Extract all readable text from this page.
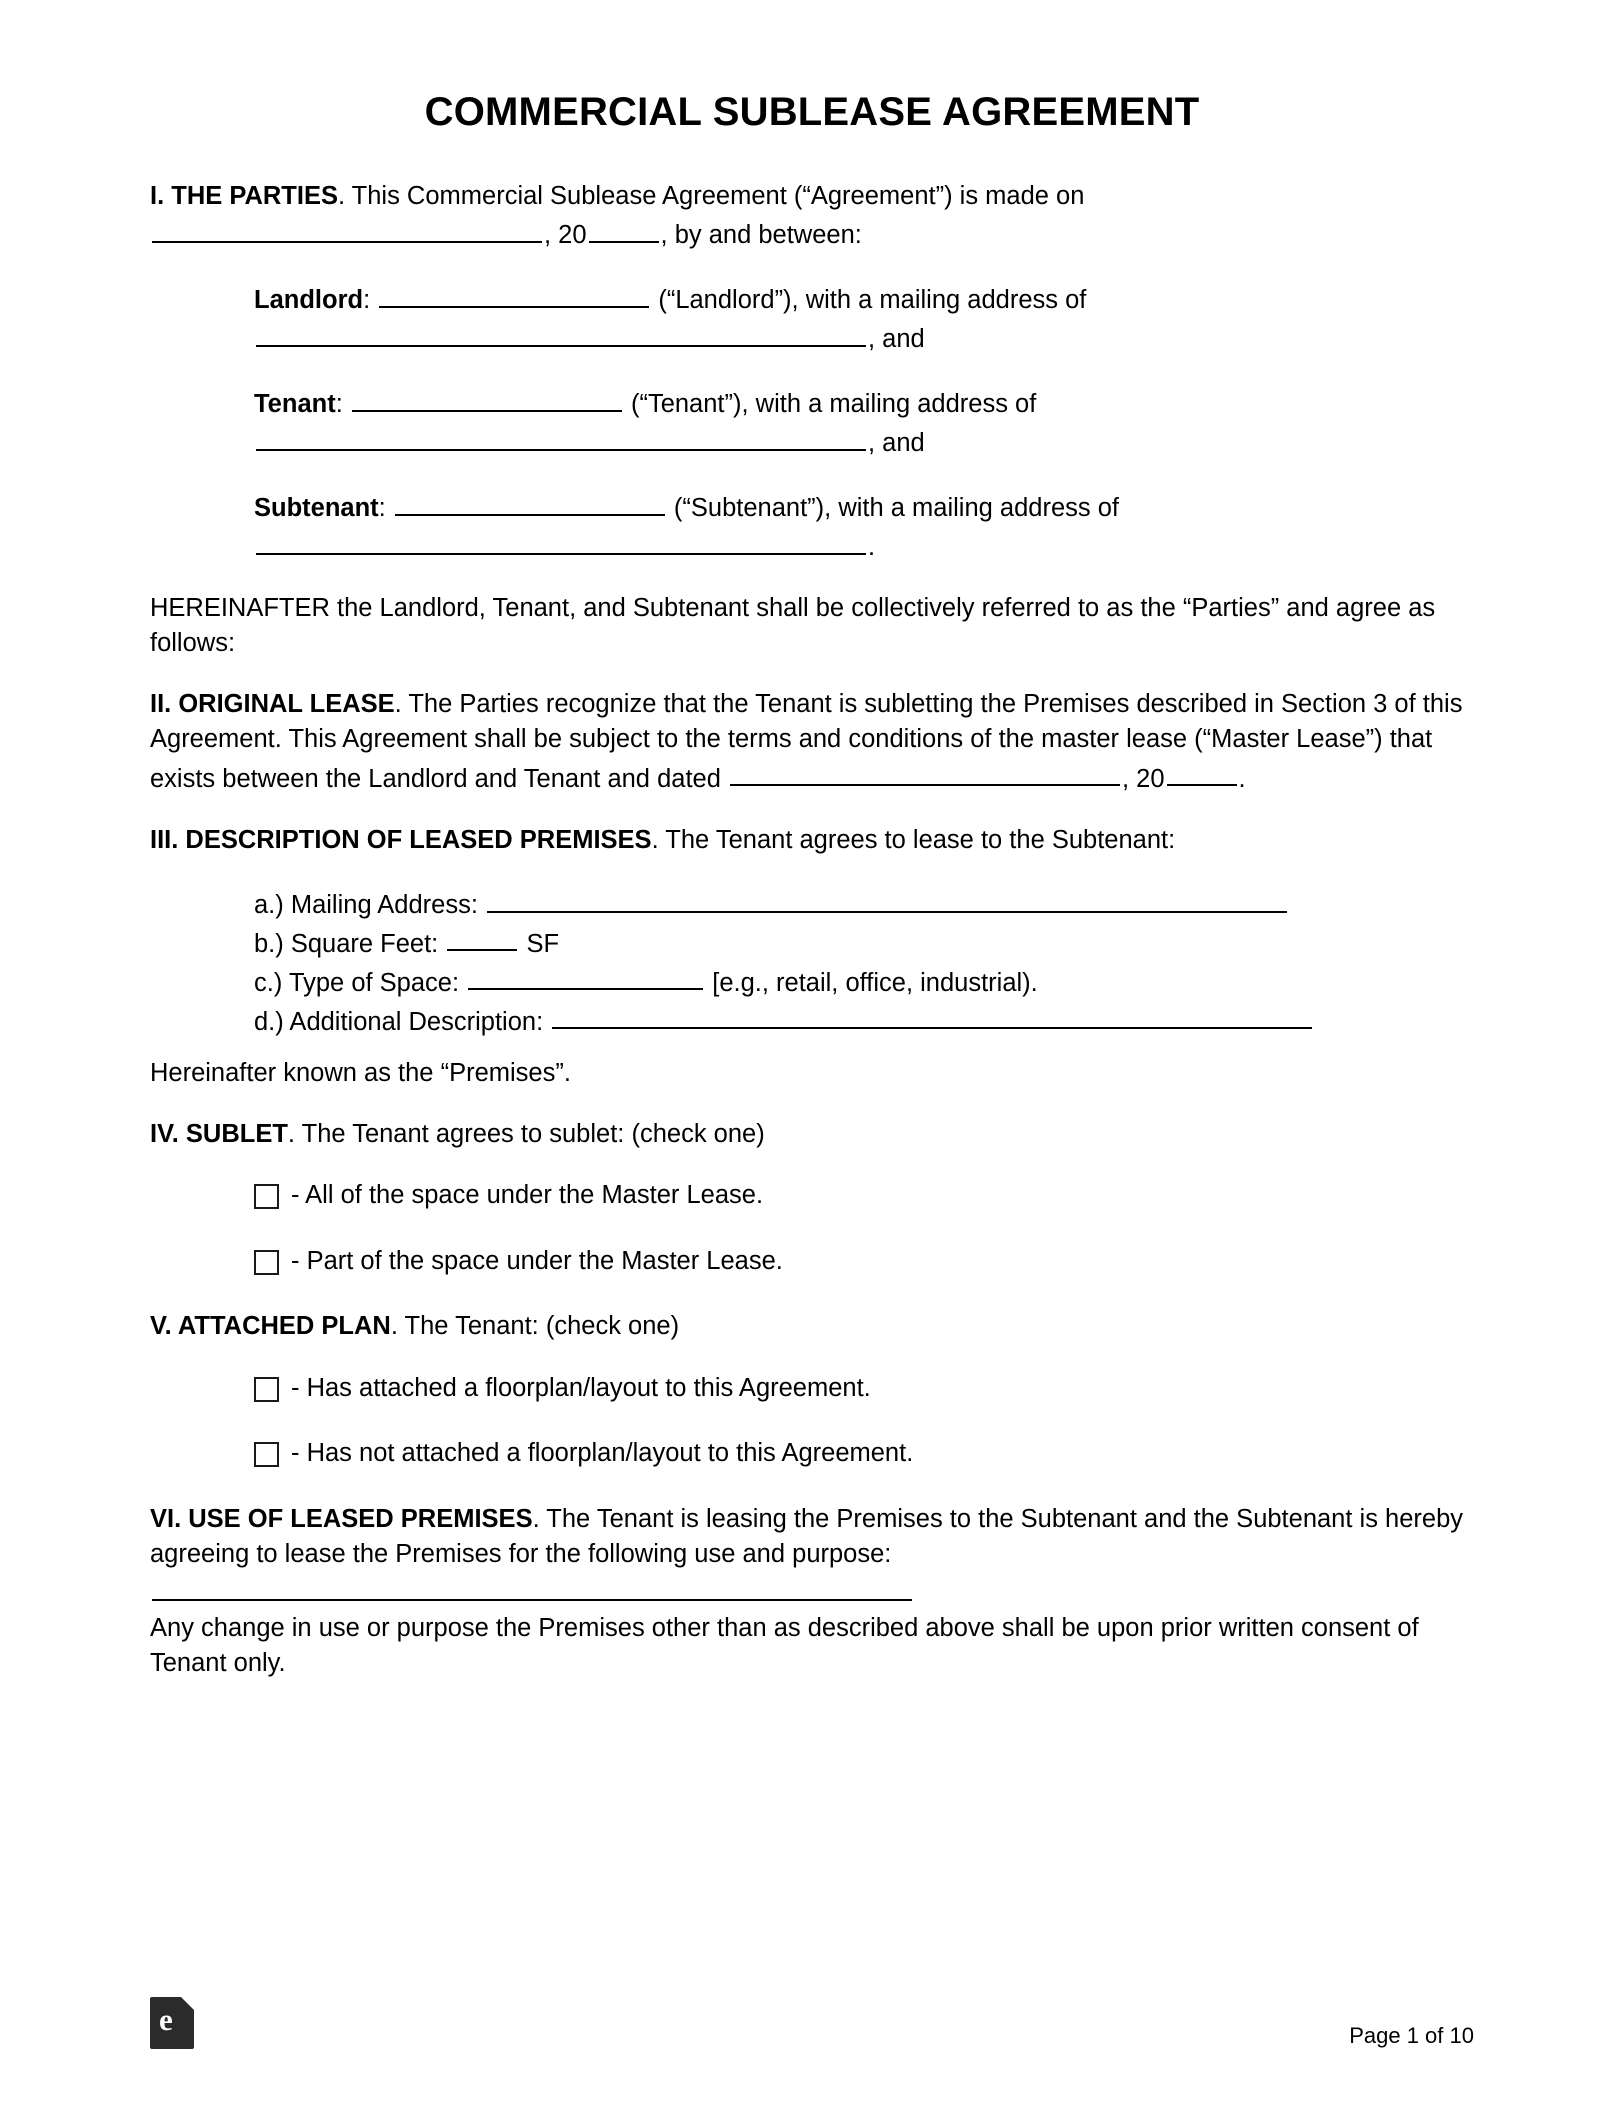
COMMERCIAL SUBLEASE AGREEMENT

I. THE PARTIES. This Commercial Sublease Agreement (“Agreement”) is made on
, 20	, by and between:

Landlord:	(“Landlord”), with a mailing address of
, and

Tenant:	(“Tenant”), with a mailing address of
, and

Subtenant:	(“Subtenant”), with a mailing address of
.

HEREINAFTER the Landlord, Tenant, and Subtenant shall be collectively referred to as the “Parties” and agree as follows:

II. ORIGINAL LEASE. The Parties recognize that the Tenant is subletting the Premises described in Section 3 of this Agreement. This Agreement shall be subject to the terms and conditions of the master lease (“Master Lease”) that exists between the Landlord and Tenant and dated	, 20	.

III. DESCRIPTION OF LEASED PREMISES. The Tenant agrees to lease to the Subtenant:

a.) Mailing Address:
b.) Square Feet:	SF
c.) Type of Space:	[e.g., retail, office, industrial).
d.) Additional Description:

Hereinafter known as the “Premises”.

IV. SUBLET. The Tenant agrees to sublet: (check one)

- All of the space under the Master Lease.
- Part of the space under the Master Lease.

V. ATTACHED PLAN. The Tenant: (check one)

- Has attached a floorplan/layout to this Agreement.
- Has not attached a floorplan/layout to this Agreement.

VI. USE OF LEASED PREMISES. The Tenant is leasing the Premises to the Subtenant and the Subtenant is hereby agreeing to lease the Premises for the following use and purpose:

Any change in use or purpose the Premises other than as described above shall be upon prior written consent of Tenant only.

e
Page 1 of 10
